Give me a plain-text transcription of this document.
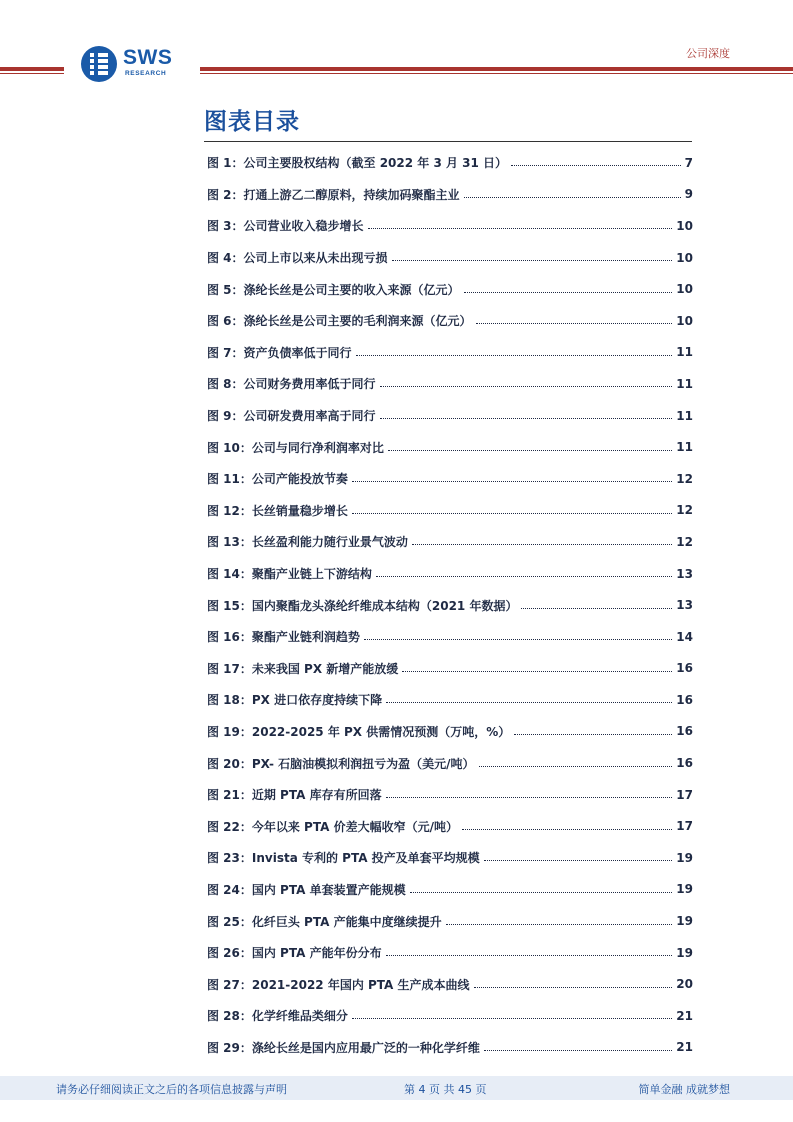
SWS
RESEARCH
公司深度
图表目录
图 1：公司主要股权结构（截至 2022 年 3 月 31 日）	7
图 2：打通上游乙二醇原料，持续加码聚酯主业	9
图 3：公司营业收入稳步增长	10
图 4：公司上市以来从未出现亏损	10
图 5：涤纶长丝是公司主要的收入来源（亿元）	10
图 6：涤纶长丝是公司主要的毛利润来源（亿元）	10
图 7：资产负债率低于同行	11
图 8：公司财务费用率低于同行	11
图 9：公司研发费用率高于同行	11
图 10：公司与同行净利润率对比	11
图 11：公司产能投放节奏	12
图 12：长丝销量稳步增长	12
图 13：长丝盈利能力随行业景气波动	12
图 14：聚酯产业链上下游结构	13
图 15：国内聚酯龙头涤纶纤维成本结构（2021 年数据）	13
图 16：聚酯产业链利润趋势	14
图 17：未来我国 PX 新增产能放缓	16
图 18：PX 进口依存度持续下降	16
图 19：2022-2025 年 PX 供需情况预测（万吨，%）	16
图 20：PX- 石脑油模拟利润扭亏为盈（美元/吨）	16
图 21：近期 PTA 库存有所回落	17
图 22：今年以来 PTA 价差大幅收窄（元/吨）	17
图 23：Invista 专利的 PTA 投产及单套平均规模	19
图 24：国内 PTA 单套装置产能规模	19
图 25：化纤巨头 PTA 产能集中度继续提升	19
图 26：国内 PTA 产能年份分布	19
图 27：2021-2022 年国内 PTA 生产成本曲线	20
图 28：化学纤维品类细分	21
图 29：涤纶长丝是国内应用最广泛的一种化学纤维	21
请务必仔细阅读正文之后的各项信息披露与声明	第 4 页 共 45 页	简单金融 成就梦想
